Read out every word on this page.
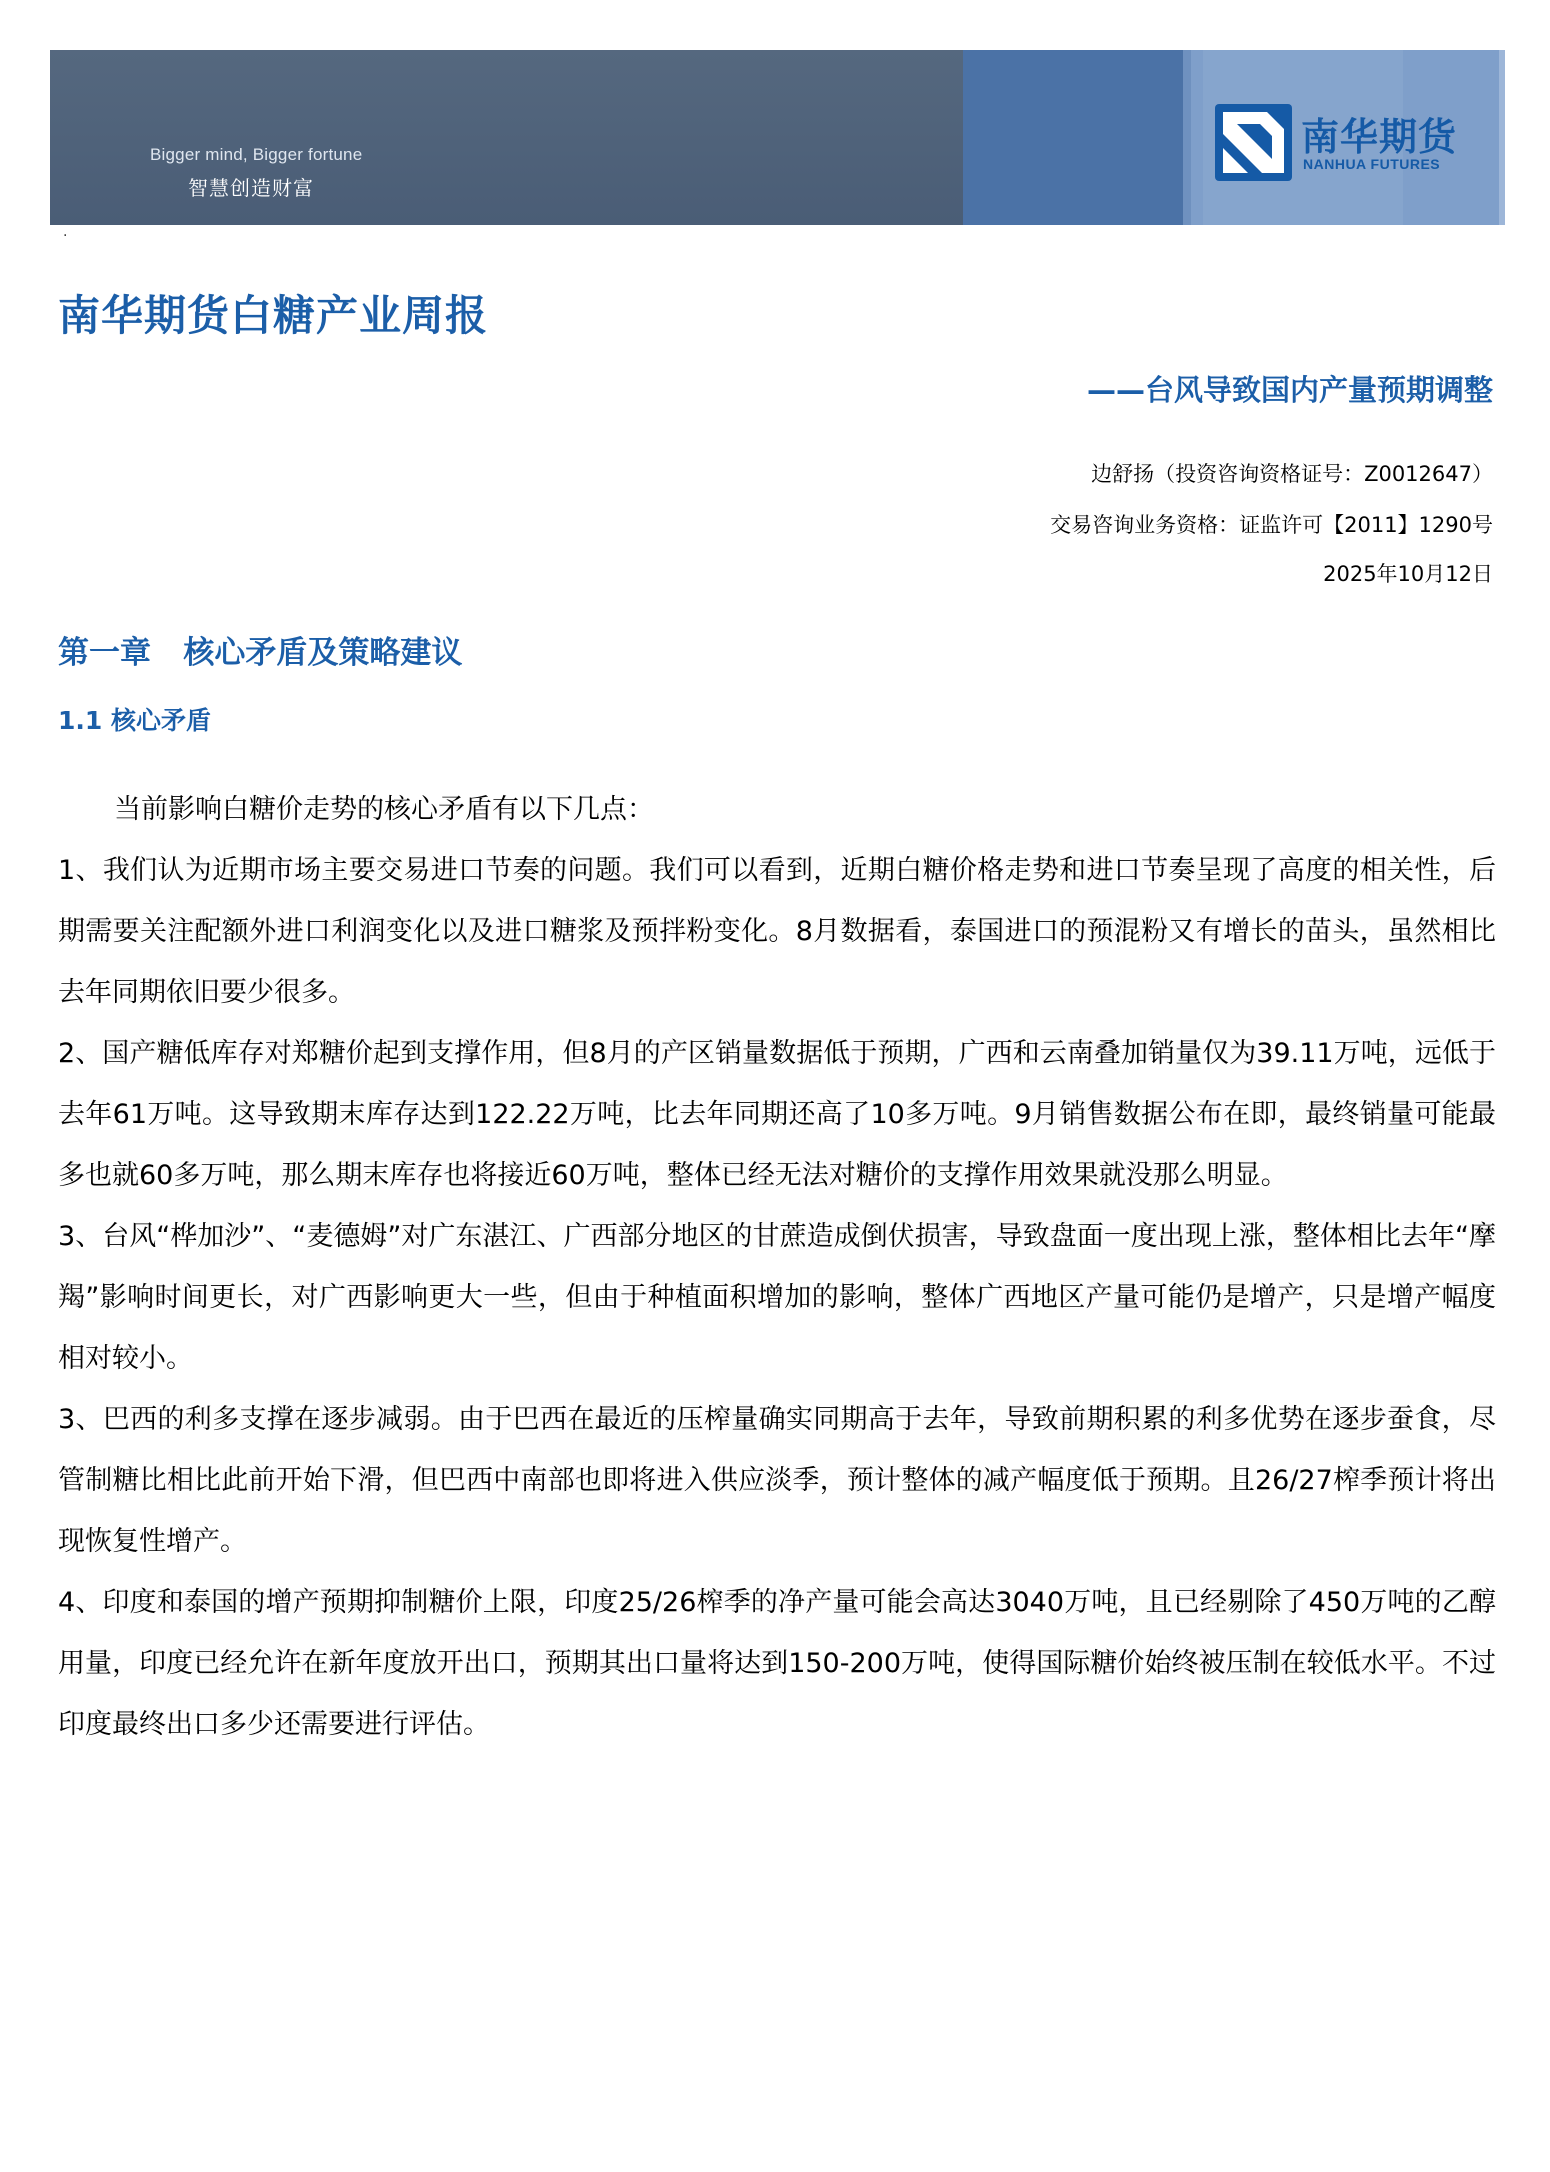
Bigger mind, Bigger fortune
智慧创造财富
南华期货
NANHUA FUTURES
·
南华期货白糖产业周报
——台风导致国内产量预期调整
边舒扬（投资咨询资格证号：Z0012647）
交易咨询业务资格：证监许可【2011】1290号
2025年10月12日
第一章   核心矛盾及策略建议
1.1 核心矛盾

当前影响白糖价走势的核心矛盾有以下几点：

1、我们认为近期市场主要交易进口节奏的问题。我们可以看到，近期白糖价格走势和进口节奏呈现了高度的相关性，后期需要关注配额外进口利润变化以及进口糖浆及预拌粉变化。8月数据看，泰国进口的预混粉又有增长的苗头，虽然相比去年同期依旧要少很多。

2、国产糖低库存对郑糖价起到支撑作用，但8月的产区销量数据低于预期，广西和云南叠加销量仅为39.11万吨，远低于去年61万吨。这导致期末库存达到122.22万吨，比去年同期还高了10多万吨。9月销售数据公布在即，最终销量可能最多也就60多万吨，那么期末库存也将接近60万吨，整体已经无法对糖价的支撑作用效果就没那么明显。

3、台风“桦加沙”、“麦德姆”对广东湛江、广西部分地区的甘蔗造成倒伏损害，导致盘面一度出现上涨，整体相比去年“摩羯”影响时间更长，对广西影响更大一些，但由于种植面积增加的影响，整体广西地区产量可能仍是增产，只是增产幅度相对较小。

3、巴西的利多支撑在逐步减弱。由于巴西在最近的压榨量确实同期高于去年，导致前期积累的利多优势在逐步蚕食，尽管制糖比相比此前开始下滑，但巴西中南部也即将进入供应淡季，预计整体的减产幅度低于预期。且26/27榨季预计将出现恢复性增产。

4、印度和泰国的增产预期抑制糖价上限，印度25/26榨季的净产量可能会高达3040万吨，且已经剔除了450万吨的乙醇用量，印度已经允许在新年度放开出口，预期其出口量将达到150-200万吨，使得国际糖价始终被压制在较低水平。不过印度最终出口多少还需要进行评估。
